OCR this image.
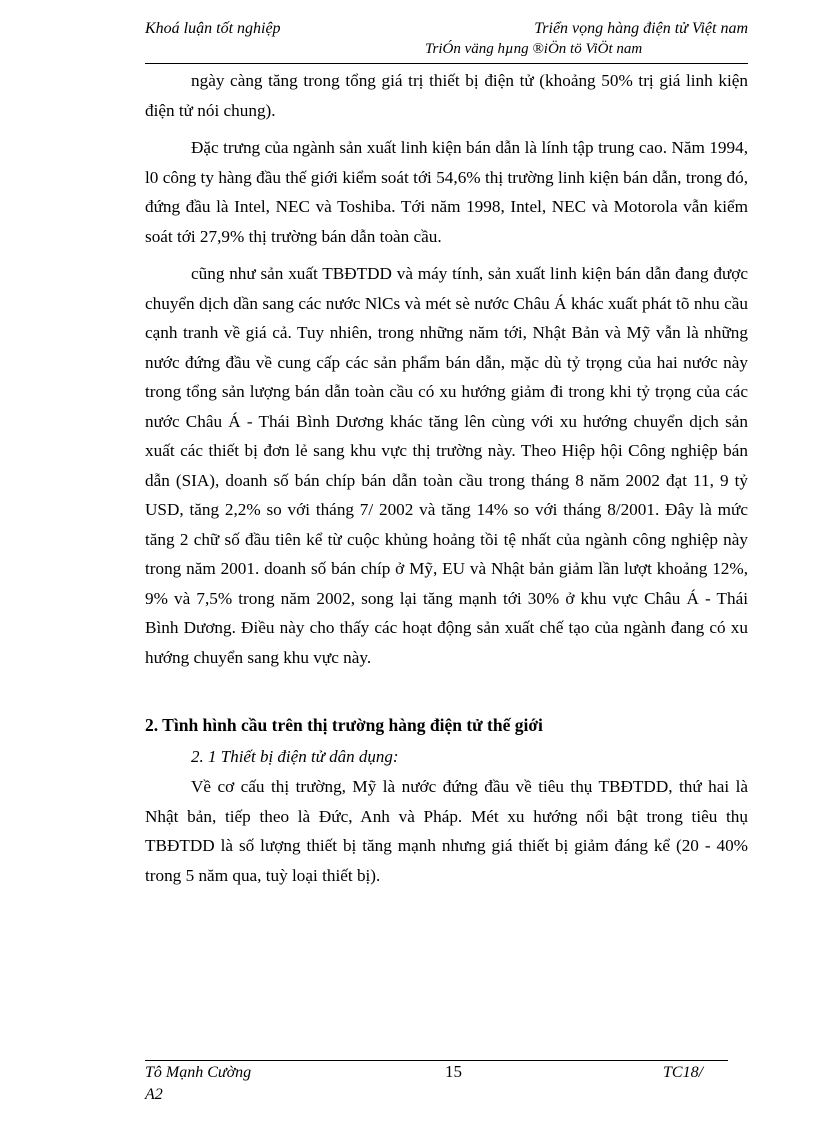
Khoá luận tốt nghiệp	Triển vọng hàng điện tử Việt nam
TriÓn väng hµng ®iÖn tö ViÖt nam

ngày càng tăng trong tổng giá trị thiết bị điện tử (khoảng 50% trị giá linh kiện điện tử nói chung).

Đặc trưng của ngành sản xuất linh kiện bán dẫn là lính tập trung cao. Năm 1994, l0 công ty hàng đầu thế giới kiểm soát tới 54,6% thị trường linh kiện bán dẫn, trong đó, đứng đầu là Intel, NEC và Toshiba. Tới năm 1998, Intel, NEC và Motorola vẫn kiểm soát tới 27,9% thị trường bán dẫn toàn cầu.

cũng như sản xuất TBĐTDD và máy tính, sản xuất linh kiện bán dẫn đang được chuyển dịch dần sang các nước NlCs và mét sè nước Châu Á khác xuất phát tõ nhu cầu cạnh tranh về giá cả. Tuy nhiên, trong những năm tới, Nhật Bản và Mỹ vẫn là những nước đứng đầu về cung cấp các sản phẩm bán dẫn, mặc dù tỷ trọng của hai nước này trong tổng sản lượng bán dẫn toàn cầu có xu hướng giảm đi trong khi tỷ trọng của các nước Châu Á - Thái Bình Dương khác tăng lên cùng với xu hướng chuyển dịch sản xuất các thiết bị đơn lẻ sang khu vực thị trường này. Theo Hiệp hội Công nghiệp bán dẫn (SIA), doanh số bán chíp bán dẫn toàn cầu trong tháng 8 năm 2002 đạt 11, 9 tỷ USD, tăng 2,2% so với tháng 7/ 2002 và tăng 14% so với tháng 8/2001. Đây là mức tăng 2 chữ số đầu tiên kể từ cuộc khủng hoảng tồi tệ nhất của ngành công nghiệp này trong năm 2001. doanh số bán chíp ở Mỹ, EU và Nhật bản giảm lần lượt khoảng 12%, 9% và 7,5% trong năm 2002, song lại tăng mạnh tới 30% ở khu vực Châu Á - Thái Bình Dương. Điều này cho thấy các hoạt động sản xuất chế tạo của ngành đang có xu hướng chuyển sang khu vực này.

2. Tình hình cầu trên thị trường hàng điện tử thế giới

2. 1 Thiết bị điện tử dân dụng:

Về cơ cấu thị trường, Mỹ là nước đứng đầu về tiêu thụ TBĐTDD, thứ hai là Nhật bản, tiếp theo là Đức, Anh và Pháp. Mét xu hướng nổi bật trong tiêu thụ TBĐTDD là số lượng thiết bị tăng mạnh nhưng giá thiết bị giảm đáng kể (20 - 40% trong 5 năm qua, tuỳ loại thiết bị).

Tô Mạnh Cường
A2
15	TC18/
